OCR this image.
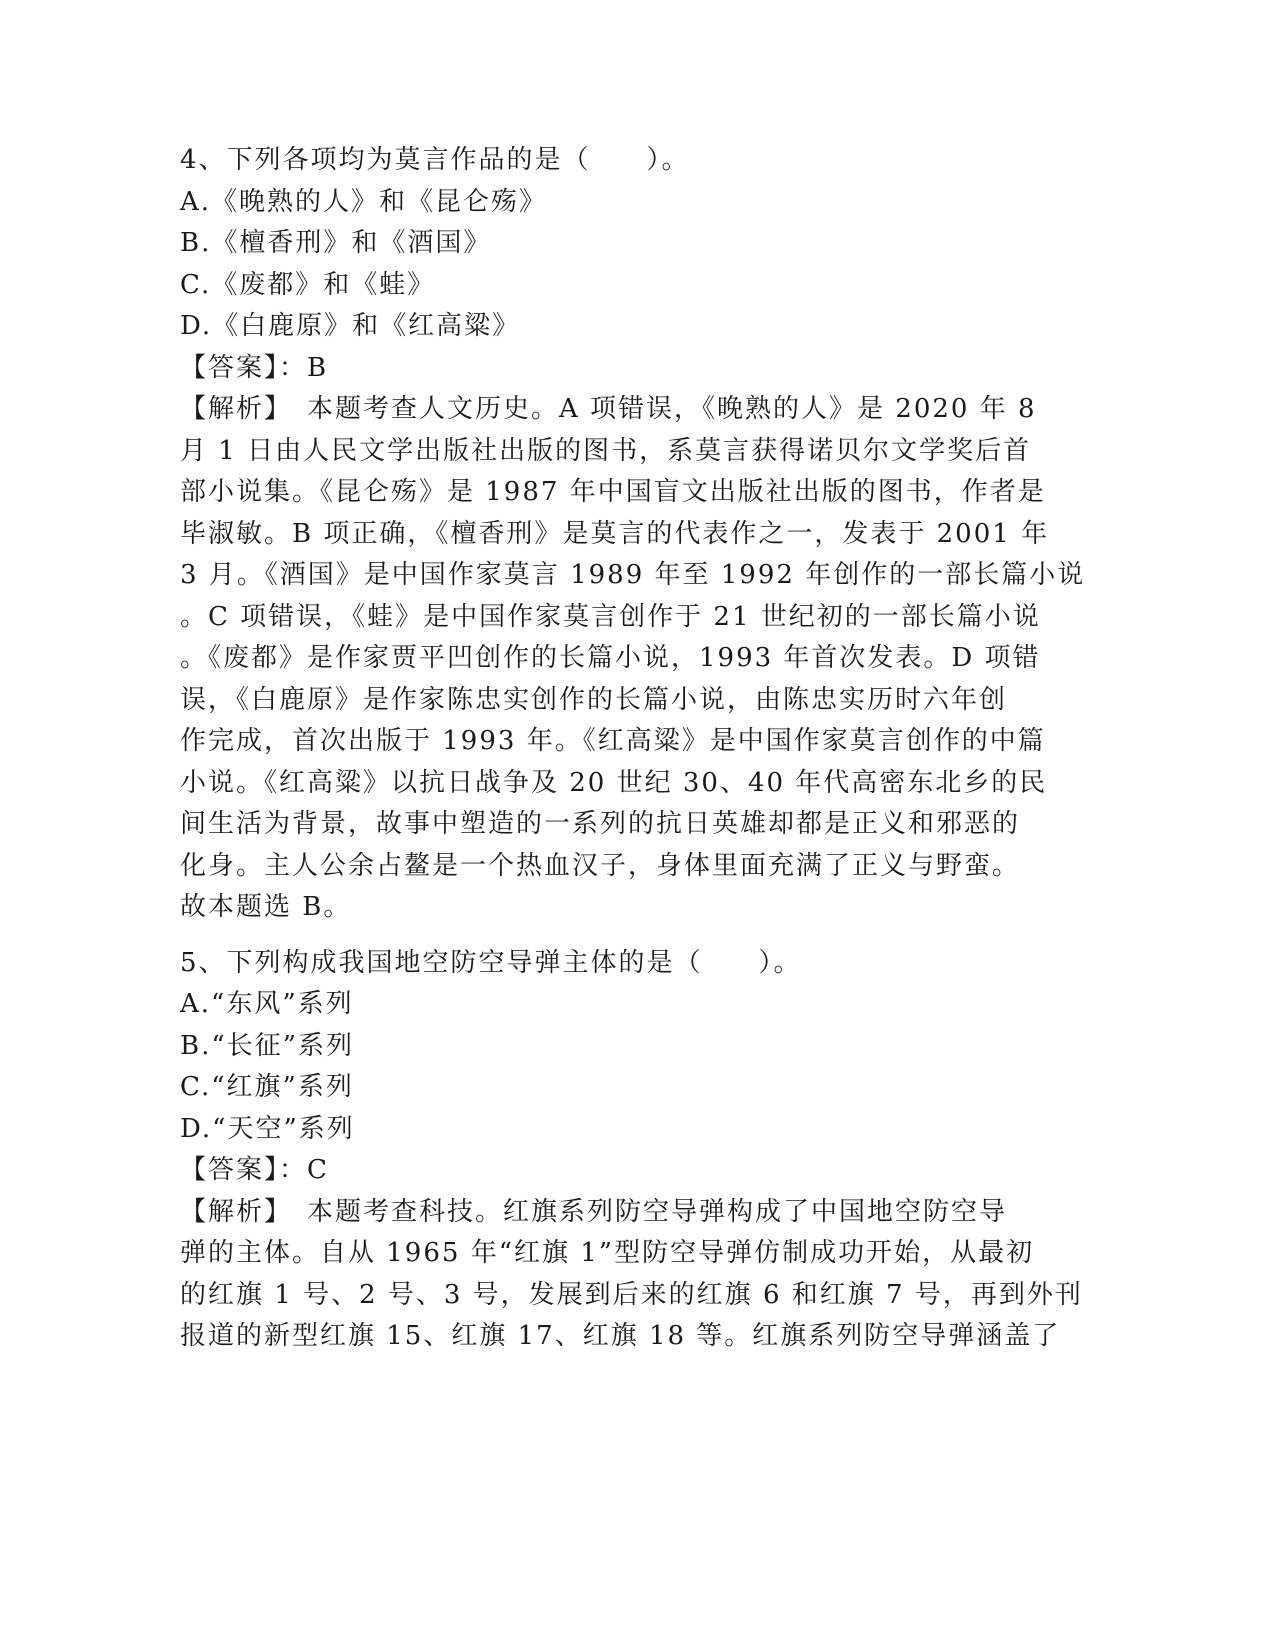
4、下列各项均为莫言作品的是（　　）。
A.《晚熟的人》和《昆仑殇》
B.《檀香刑》和《酒国》
C.《废都》和《蛙》
D.《白鹿原》和《红高粱》
【答案】：B
【解析】　本题考查人文历史。A 项错误，《晚熟的人》是 2020 年 8
月 1 日由人民文学出版社出版的图书，系莫言获得诺贝尔文学奖后首
部小说集。《昆仑殇》是 1987 年中国盲文出版社出版的图书，作者是
毕淑敏。B 项正确，《檀香刑》是莫言的代表作之一，发表于 2001 年
3 月。《酒国》是中国作家莫言 1989 年至 1992 年创作的一部长篇小说
。C 项错误，《蛙》是中国作家莫言创作于 21 世纪初的一部长篇小说
。《废都》是作家贾平凹创作的长篇小说，1993 年首次发表。D 项错
误，《白鹿原》是作家陈忠实创作的长篇小说，由陈忠实历时六年创
作完成，首次出版于 1993 年。《红高粱》是中国作家莫言创作的中篇
小说。《红高粱》以抗日战争及 20 世纪 30、40 年代高密东北乡的民
间生活为背景，故事中塑造的一系列的抗日英雄却都是正义和邪恶的
化身。主人公余占鳌是一个热血汉子，身体里面充满了正义与野蛮。
故本题选 B。
5、下列构成我国地空防空导弹主体的是（　　）。
A.“东风”系列
B.“长征”系列
C.“红旗”系列
D.“天空”系列
【答案】：C
【解析】　本题考查科技。红旗系列防空导弹构成了中国地空防空导
弹的主体。自从 1965 年“红旗 1”型防空导弹仿制成功开始，从最初
的红旗 1 号、2 号、3 号，发展到后来的红旗 6 和红旗 7 号，再到外刊
报道的新型红旗 15、红旗 17、红旗 18 等。红旗系列防空导弹涵盖了
